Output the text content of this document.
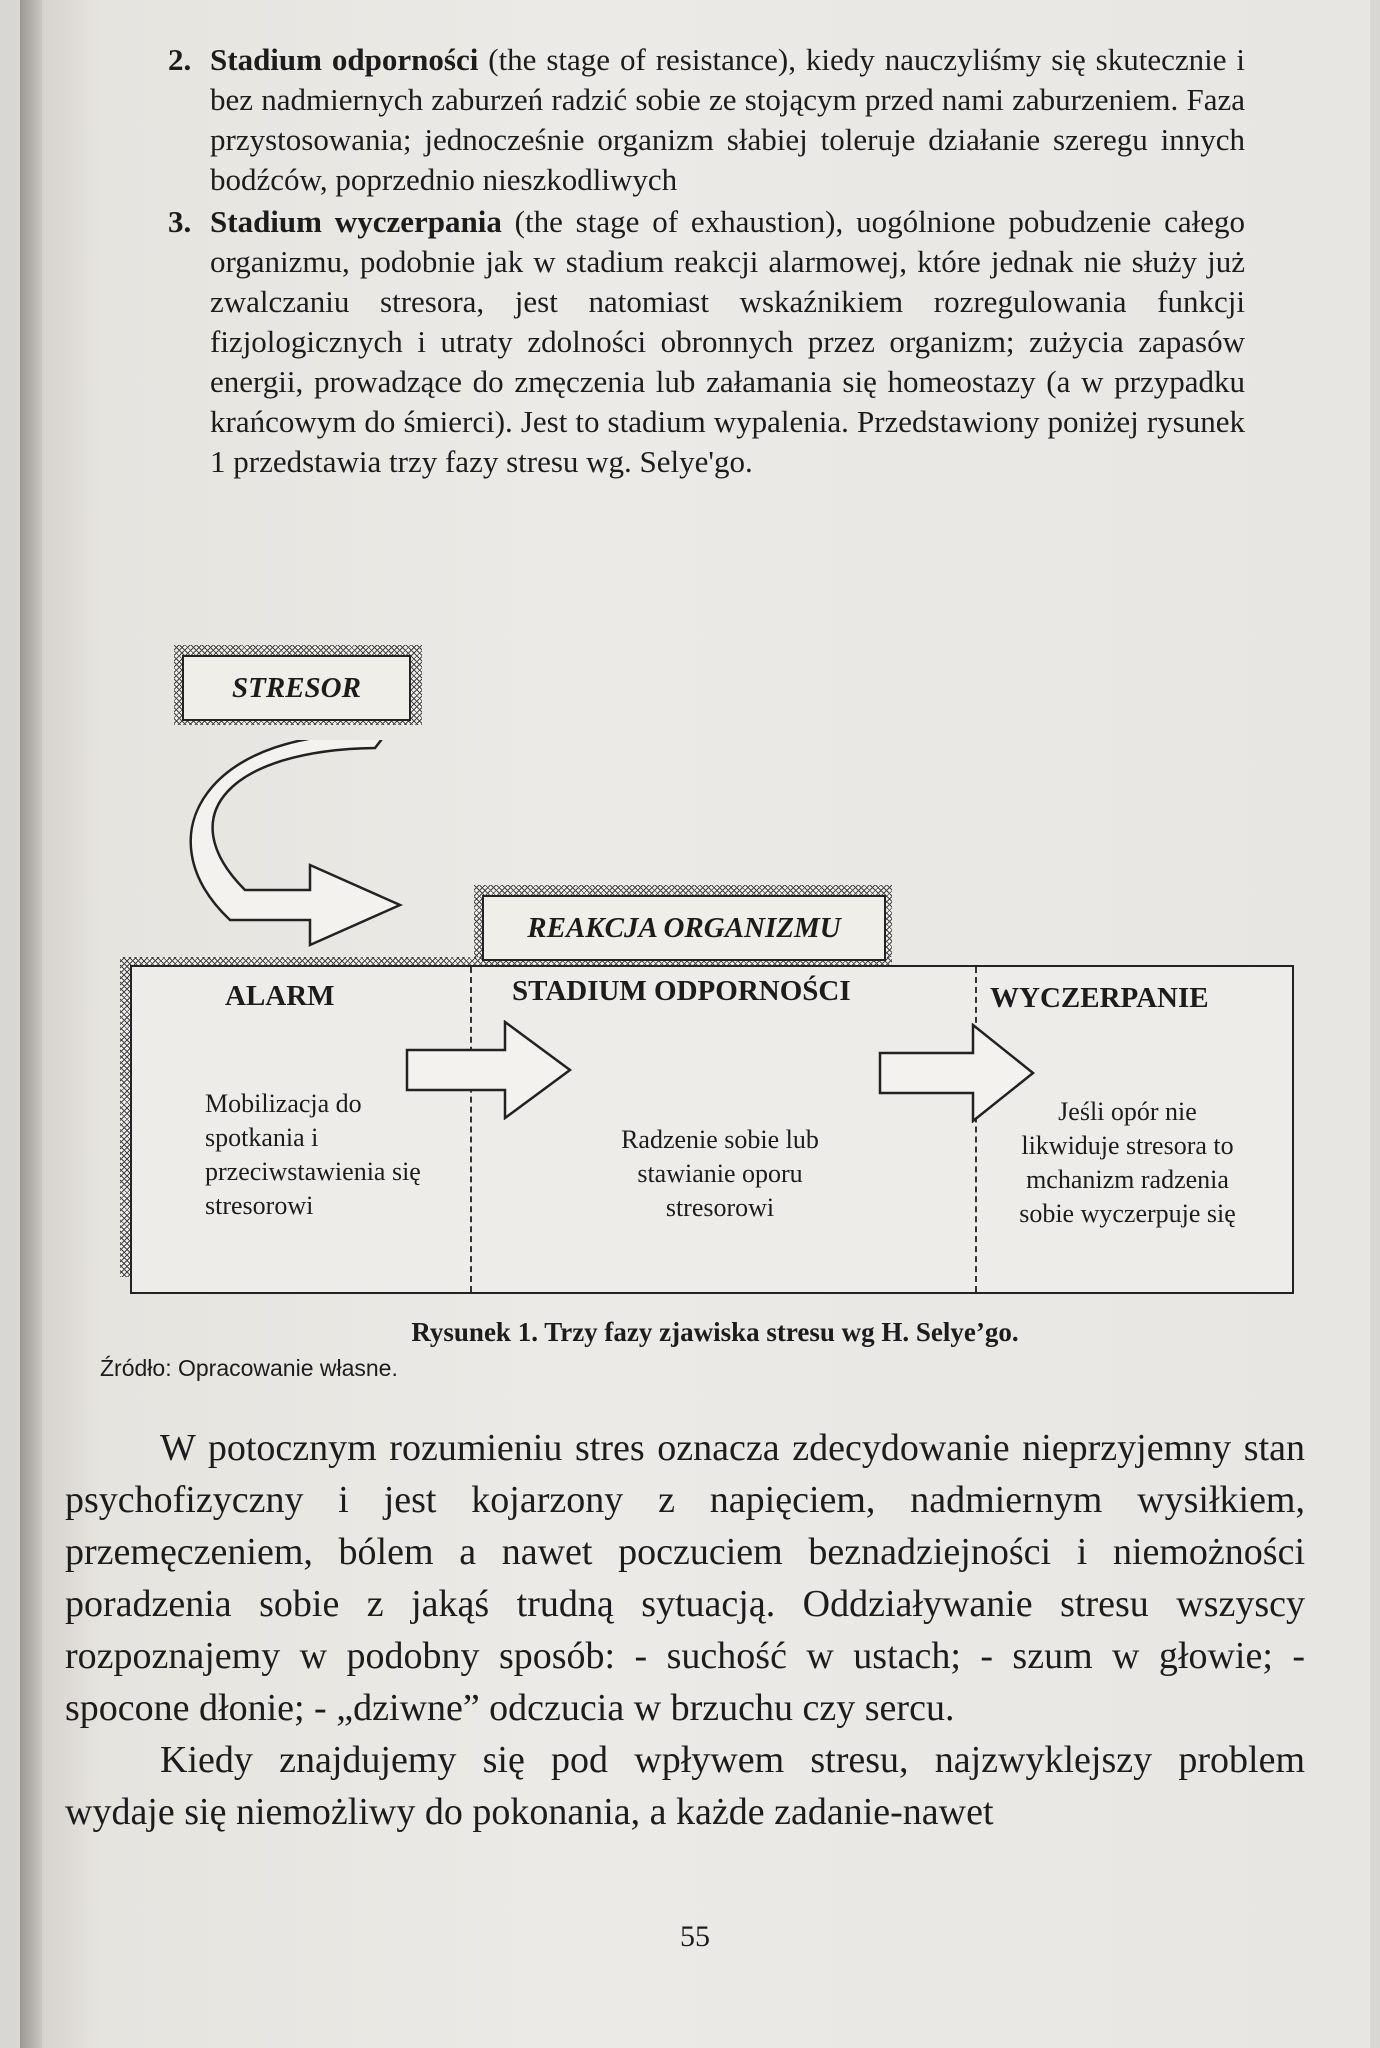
2. Stadium odporności (the stage of resistance), kiedy nauczyliśmy się skutecznie i bez nadmiernych zaburzeń radzić sobie ze stojącym przed nami zaburzeniem. Faza przystosowania; jednocześnie organizm słabiej toleruje działanie szeregu innych bodźców, poprzednio nieszkodliwych
3. Stadium wyczerpania (the stage of exhaustion), uogólnione pobudzenie całego organizmu, podobnie jak w stadium reakcji alarmowej, które jednak nie służy już zwalczaniu stresora, jest natomiast wskaźnikiem rozregulowania funkcji fizjologicznych i utraty zdolności obronnych przez organizm; zużycia zapasów energii, prowadzące do zmęczenia lub załamania się homeostazy (a w przypadku krańcowym do śmierci). Jest to stadium wypalenia. Przedstawiony poniżej rysunek 1 przedstawia trzy fazy stresu wg. Selye'go.
STRESOR
REAKCJA ORGANIZMU
ALARM	STADIUM ODPORNOŚCI	WYCZERPANIE
Mobilizacja do spotkania i przeciwstawienia się stresorowi
Radzenie sobie lub stawianie oporu stresorowi
Jeśli opór nie likwiduje stresora to mchanizm radzenia sobie wyczerpuje się
Rysunek 1. Trzy fazy zjawiska stresu wg H. Selye’go.
Źródło: Opracowanie własne.

W potocznym rozumieniu stres oznacza zdecydowanie nieprzyjemny stan psychofizyczny i jest kojarzony z napięciem, nadmiernym wysiłkiem, przemęczeniem, bólem a nawet poczuciem beznadziejności i niemożności poradzenia sobie z jakąś trudną sytuacją. Oddziaływanie stresu wszyscy rozpoznajemy w podobny sposób: - suchość w ustach; - szum w głowie; - spocone dłonie; - „dziwne” odczucia w brzuchu czy sercu.

Kiedy znajdujemy się pod wpływem stresu, najzwyklejszy problem wydaje się niemożliwy do pokonania, a każde zadanie-nawet

55
